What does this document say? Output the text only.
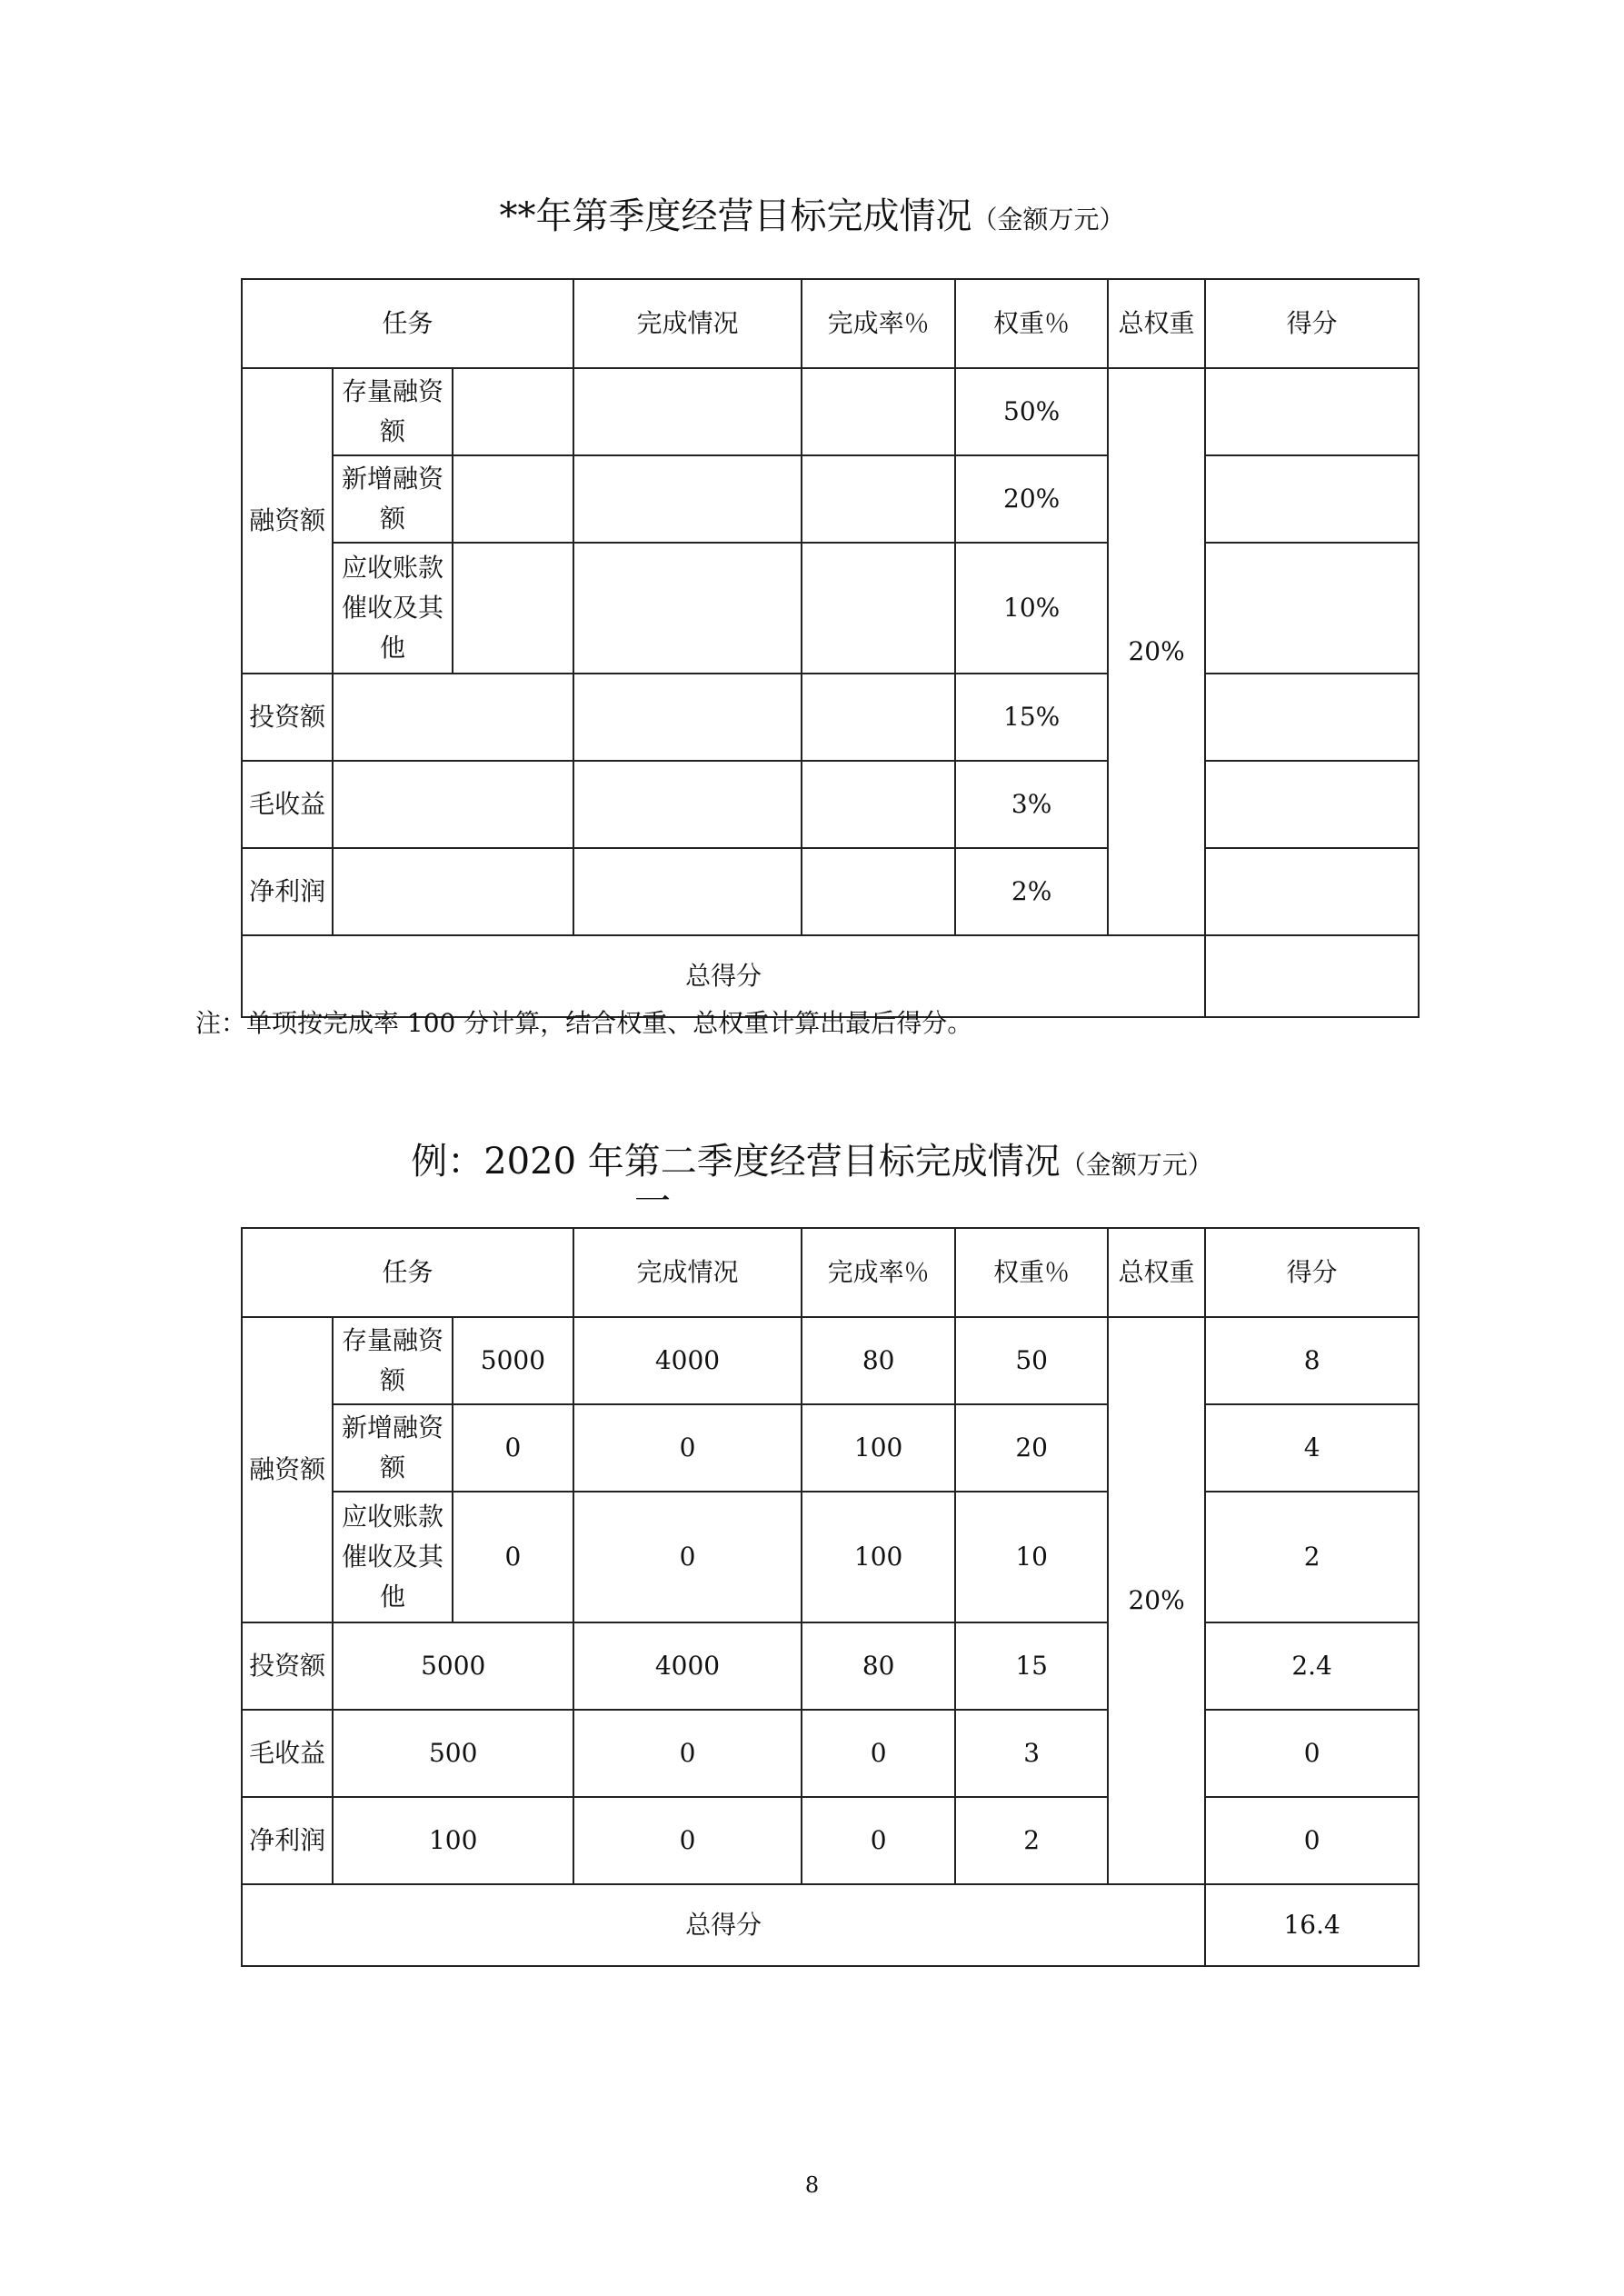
**年第季度经营目标完成情况（金额万元）
任务			完成情况	完成率％	权重％	总权重	得分
融资额	存量融资额				50%	20%	
	新增融资额				20%		
	应收账款催收及其他				10%		
投资额					15%		
毛收益					3%		
净利润					2%		
总得分							
注：单项按完成率 100 分计算，结合权重、总权重计算出最后得分。
例：2020 年第二季度经营目标完成情况（金额万元）
一
任务			完成情况	完成率％	权重％	总权重	得分
融资额	存量融资额	5000	4000	80	50	20%	8
	新增融资额	0	0	100	20		4
	应收账款催收及其他	0	0	100	10		2
投资额	5000		4000	80	15		2.4
毛收益	500		0	0	3		0
净利润	100		0	0	2		0
总得分							16.4
8
